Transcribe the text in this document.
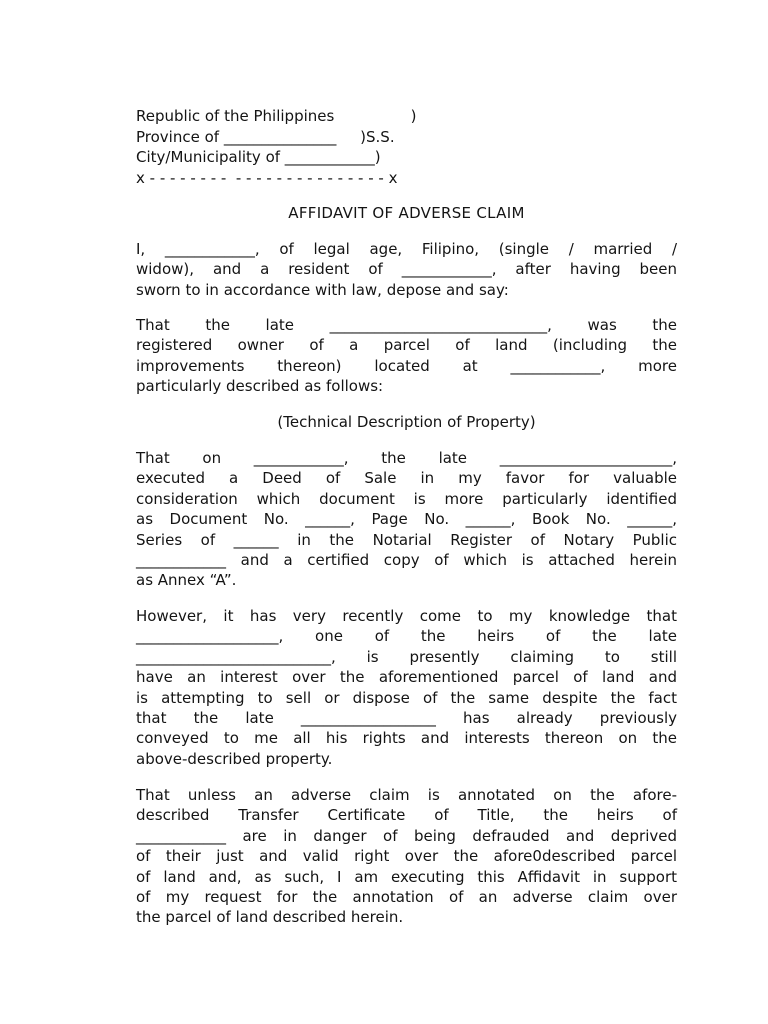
Republic of the Philippines                )
Province of _______________     )S.S.
City/Municipality of ____________)
x - - - - - - - -  - - - - - - - - - - - - - - - x
AFFIDAVIT OF ADVERSE CLAIM
I, ____________, of legal age, Filipino, (single / married /
widow), and a resident of ____________, after having been
sworn to in accordance with law, depose and say:
That the late _____________________________, was the
registered owner of a parcel of land (including the
improvements thereon) located at ____________, more
particularly described as follows:
(Technical Description of Property)
That on ____________, the late _______________________,
executed a Deed of Sale in my favor for valuable
consideration which document is more particularly identified
as Document No. ______, Page No. ______, Book No. ______,
Series of ______ in the Notarial Register of Notary Public
____________ and a certified copy of which is attached herein
as Annex “A”.
However, it has very recently come to my knowledge that
___________________, one of the heirs of the late
__________________________, is presently claiming to still
have an interest over the aforementioned parcel of land and
is attempting to sell or dispose of the same despite the fact
that the late __________________ has already previously
conveyed to me all his rights and interests thereon on the
above-described property.
That unless an adverse claim is annotated on the afore-
described Transfer Certificate of Title, the heirs of
____________ are in danger of being defrauded and deprived
of their just and valid right over the afore0described parcel
of land and, as such, I am executing this Affidavit in support
of my request for the annotation of an adverse claim over
the parcel of land described herein.
